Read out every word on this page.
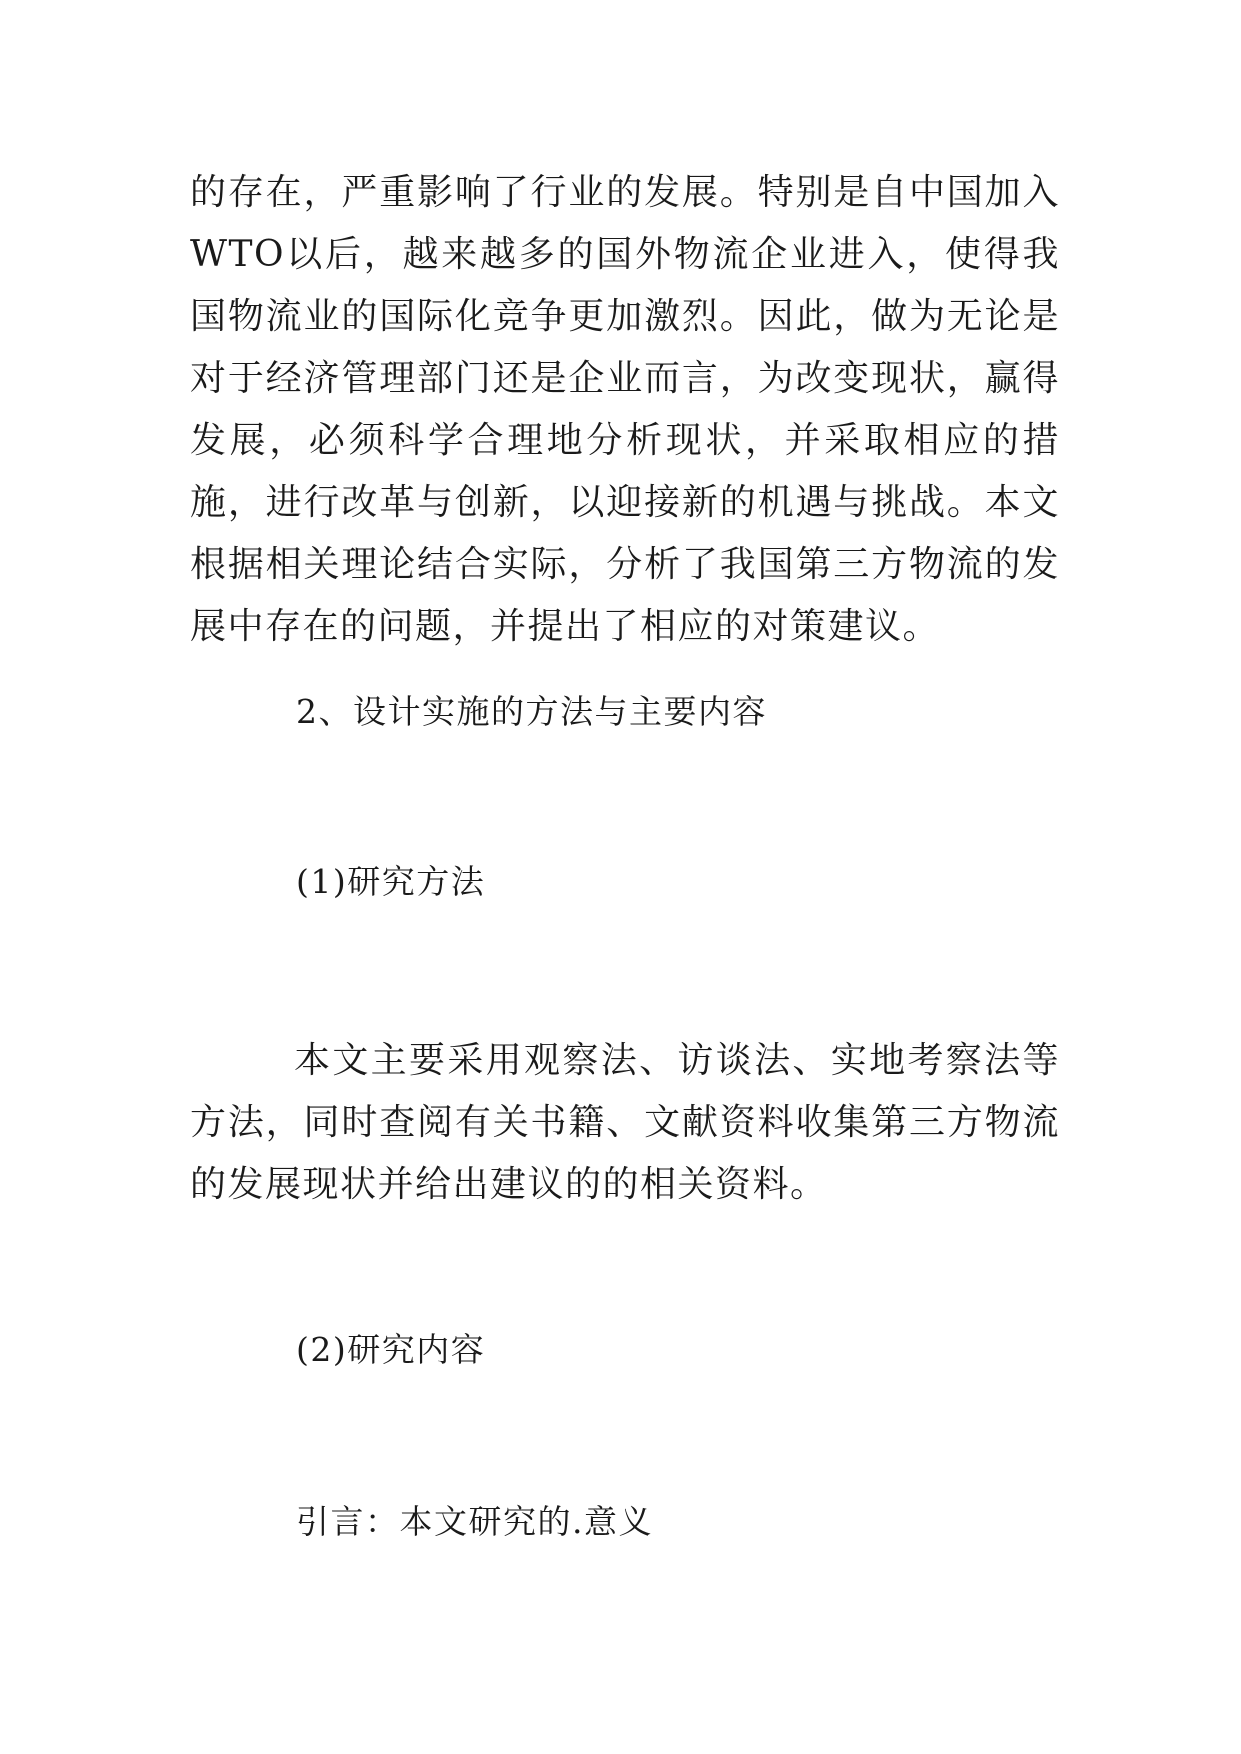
的存在，严重影响了行业的发展。特别是自中国加入WTO以后，越来越多的国外物流企业进入，使得我国物流业的国际化竞争更加激烈。因此，做为无论是对于经济管理部门还是企业而言，为改变现状，赢得发展，必须科学合理地分析现状，并采取相应的措施，进行改革与创新，以迎接新的机遇与挑战。本文根据相关理论结合实际，分析了我国第三方物流的发展中存在的问题，并提出了相应的对策建议。

2、设计实施的方法与主要内容

(1)研究方法

本文主要采用观察法、访谈法、实地考察法等方法，同时查阅有关书籍、文献资料收集第三方物流的发展现状并给出建议的的相关资料。

(2)研究内容

引言：本文研究的.意义
